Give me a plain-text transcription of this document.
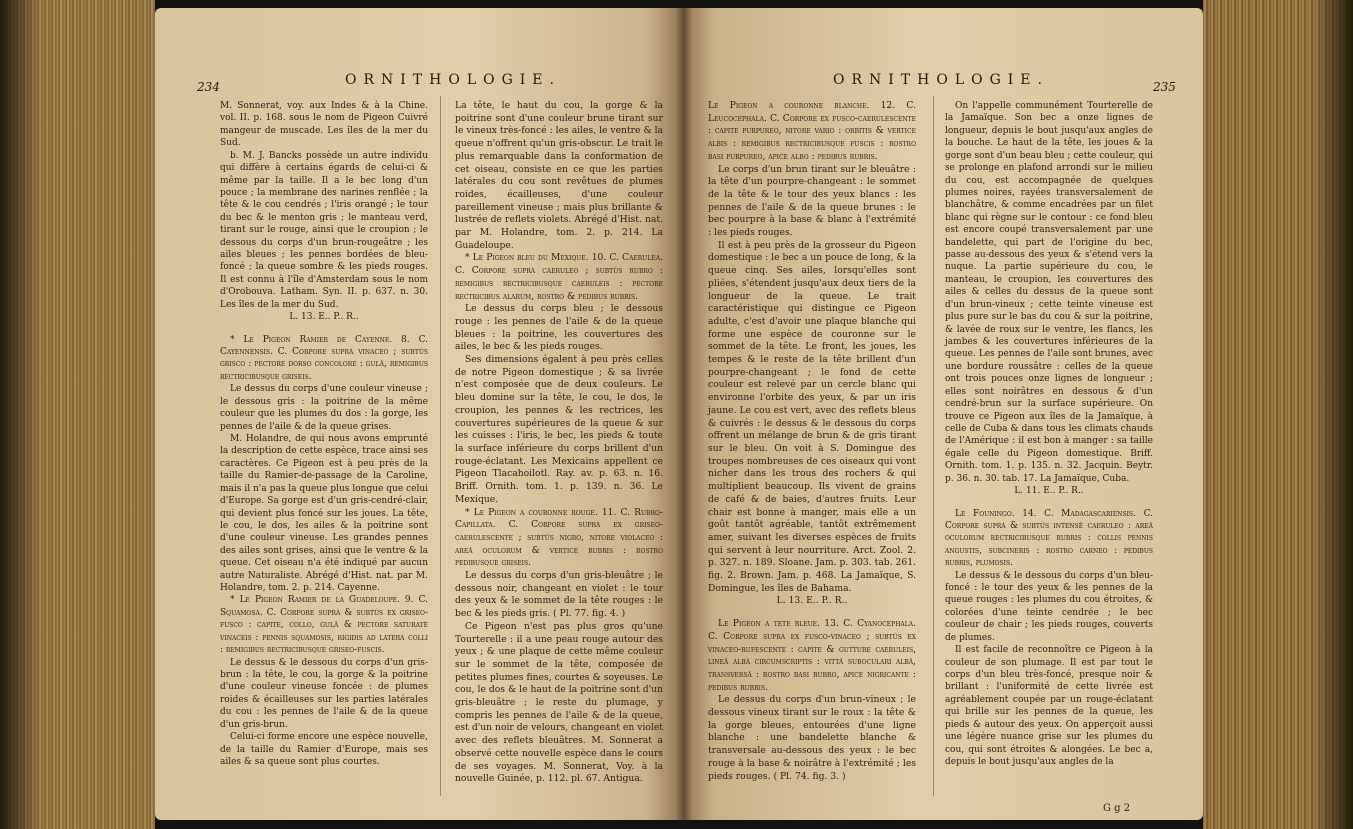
234	ORNITHOLOGIE.

M. Sonnerat, voy. aux Indes & à la Chine. vol. II. p. 168. sous le nom de Pigeon Cuivré mangeur de muscade. Les îles de la mer du Sud.

b. M. J. Bancks possède un autre individu qui diffère à certains égards de celui-ci & même par la taille. Il a le bec long d'un pouce ; la membrane des narines renflée ; la tête & le cou cendrés ; l'iris orangé ; le tour du bec & le menton gris ; le manteau verd, tirant sur le rouge, ainsi que le croupion ; le dessous du corps d'un brun-rougeâtre ; les ailes bleues ; les pennes bordées de bleu-foncé ; la queue sombre & les pieds rouges. Il est connu à l'île d'Amsterdam sous le nom d'Orobouva. Latham. Syn. II. p. 637. n. 30. Les îles de la mer du Sud.

L. 13. E.. P.. R..

* Le Pigeon Ramier de Cayenne. 8. C. Cayennensis. C. Corpore suprà vinaceo ; subtùs grisco : pectore dorso concolore : gulâ, remigibus rectricibusque griseis.

Le dessus du corps d'une couleur vineuse ; le dessous gris : la poitrine de la même couleur que les plumes du dos : la gorge, les pennes de l'aile & de la queue grises.

M. Holandre, de qui nous avons emprunté la description de cette espèce, trace ainsi ses caractères. Ce Pigeon est à peu près de la taille du Ramier-de-passage de la Caroline, mais il n'a pas la queue plus longue que celui d'Europe. Sa gorge est d'un gris-cendré-clair, qui devient plus foncé sur les joues. La tête, le cou, le dos, les ailes & la poitrine sont d'une couleur vineuse. Les grandes pennes des ailes sont grises, ainsi que le ventre & la queue. Cet oiseau n'a été indiqué par aucun autre Naturaliste. Abrégé d'Hist. nat. par M. Holandre, tom. 2. p. 214. Cayenne.

* Le Pigeon Ramier de la Guadeloupe. 9. C. Squamosa. C. Corpore suprà & subtùs ex griseo-fusco : capite, collo, gulâ & pectore saturatè vinaceis : pennis squamosis, rigidis ad latera colli : remigibus rectricibusque griseo-fuscis.

Le dessus & le dessous du corps d'un gris-brun : la tête, le cou, la gorge & la poitrine d'une couleur vineuse foncée : de plumes roides & écailleuses sur les parties latérales du cou : les pennes de l'aile & de la queue d'un gris-brun.

Celui-ci forme encore une espèce nouvelle, de la taille du Ramier d'Europe, mais ses ailes & sa queue sont plus courtes.

La tête, le haut du cou, la gorge & la poitrine sont d'une couleur brune tirant sur le vineux très-foncé : les ailes, le ventre & la queue n'offrent qu'un gris-obscur. Le trait le plus remarquable dans la conformation de cet oiseau, consiste en ce que les parties latérales du cou sont revêtues de plumes roides, écailleuses, d'une couleur pareillement vineuse ; mais plus brillante & lustrée de reflets violets. Abrégé d'Hist. nat. par M. Holandre, tom. 2. p. 214. La Guadeloupe.

* Le Pigeon bleu du Mexique. 10. C. Caerulea. C. Corpore suprà caeruleo ; subtùs rubro : remigibus rectricibusque caeruleis : pectore rectricibus alarum, rostro & pedibus rubris.

Le dessus du corps bleu ; le dessous rouge : les pennes de l'aile & de la queue bleues : la poitrine, les couvertures des ailes, le bec & les pieds rouges.

Ses dimensions égalent à peu près celles de notre Pigeon domestique ; & sa livrée n'est composée que de deux couleurs. Le bleu domine sur la tête, le cou, le dos, le croupion, les pennes & les rectrices, les couvertures supérieures de la queue & sur les cuisses : l'iris, le bec, les pieds & toute la surface inférieure du corps brillent d'un rouge-éclatant. Les Mexicains appellent ce Pigeon Tlacahoilotl. Ray. av. p. 63. n. 16. Briff. Ornith. tom. 1. p. 139. n. 36. Le Mexique.

* Le Pigeon a couronne rouge. 11. C. Rubro-Capillata. C. Corpore suprà ex griseo-caerulescente ; subtùs nigro, nitore violaceo : areâ oculorum & vertice rubris : rostro pedibusque griseis.

Le dessus du corps d'un gris-bleuâtre ; le dessous noir, changeant en violet : le tour des yeux & le sommet de la tête rouges : le bec & les pieds gris. ( Pl. 77. fig. 4. )

Ce Pigeon n'est pas plus gros qu'une Tourterelle : il a une peau rouge autour des yeux ; & une plaque de cette même couleur sur le sommet de la tête, composée de petites plumes fines, courtes & soyeuses. Le cou, le dos & le haut de la poitrine sont d'un gris-bleuâtre ; le reste du plumage, y compris les pennes de l'aile & de la queue, est d'un noir de velours, changeant en violet avec des reflets bleuâtres. M. Sonnerat a observé cette nouvelle espèce dans le cours de ses voyages. M. Sonnerat, Voy. à la nouvelle Guinée, p. 112. pl. 67. Antigua.

ORNITHOLOGIE.	235

Le Pigeon a couronne blanche. 12. C. Leucocephala. C. Corpore ex fusco-caerulescente : capite purpureo, nitore vario : orbitis & vertice albis : remigibus rectricibusque fuscis : rostro basi purpureo, apice albo : pedibus rubris.

Le corps d'un brun tirant sur le bleuâtre : la tête d'un pourpre-changeant : le sommet de la tête & le tour des yeux blancs : les pennes de l'aile & de la queue brunes : le bec pourpre à la base & blanc à l'extrémité : les pieds rouges.

Il est à peu près de la grosseur du Pigeon domestique : le bec a un pouce de long, & la queue cinq. Ses ailes, lorsqu'elles sont pliées, s'étendent jusqu'aux deux tiers de la longueur de la queue. Le trait caractéristique qui distingue ce Pigeon adulte, c'est d'avoir une plaque blanche qui forme une espèce de couronne sur le sommet de la tête. Le front, les joues, les tempes & le reste de la tête brillent d'un pourpre-changeant ; le fond de cette couleur est relevé par un cercle blanc qui environne l'orbite des yeux, & par un iris jaune. Le cou est vert, avec des reflets bleus & cuivrés : le dessus & le dessous du corps offrent un mélange de brun & de gris tirant sur le bleu. On voit à S. Domingue des troupes nombreuses de ces oiseaux qui vont nicher dans les trous des rochers & qui multiplient beaucoup. Ils vivent de grains de café & de baies, d'autres fruits. Leur chair est bonne à manger, mais elle a un goût tantôt agréable, tantôt extrêmement amer, suivant les diverses espèces de fruits qui servent à leur nourriture. Arct. Zool. 2. p. 327. n. 189. Sloane. Jam. p. 303. tab. 261. fig. 2. Brown. Jam. p. 468. La Jamaïque, S. Domingue, les îles de Bahama.

L. 13. E.. P.. R..

Le Pigeon a tete bleue. 13. C. Cyanocephala. C. Corpore suprà ex fusco-vinaceo ; subtùs ex vinaceo-rufescente : capite & gutture caeruleis, lineâ albâ circumscriptis : vittâ suboculari albâ, transversâ : rostro basi rubro, apice nigricante : pedibus rubris.

Le dessus du corps d'un brun-vineux ; le dessous vineux tirant sur le roux : la tête & la gorge bleues, entourées d'une ligne blanche : une bandelette blanche & transversale au-dessous des yeux : le bec rouge à la base & noirâtre à l'extrémité ; les pieds rouges. ( Pl. 74. fig. 3. )

On l'appelle communément Tourterelle de la Jamaïque. Son bec a onze lignes de longueur, depuis le bout jusqu'aux angles de la bouche. Le haut de la tête, les joues & la gorge sont d'un beau bleu ; cette couleur, qui se prolonge en plafond arrondi sur le milieu du cou, est accompagnée de quelques plumes noires, rayées transversalement de blanchâtre, & comme encadrées par un filet blanc qui règne sur le contour : ce fond bleu est encore coupé transversalement par une bandelette, qui part de l'origine du bec, passe au-dessous des yeux & s'étend vers la nuque. La partie supérieure du cou, le manteau, le croupion, les couvertures des ailes & celles du dessus de la queue sont d'un brun-vineux ; cette teinte vineuse est plus pure sur le bas du cou & sur la poitrine, & lavée de roux sur le ventre, les flancs, les jambes & les couvertures inférieures de la queue. Les pennes de l'aile sont brunes, avec une bordure roussâtre : celles de la queue ont trois pouces onze lignes de longueur ; elles sont noirâtres en dessous & d'un cendré-brun sur la surface supérieure. On trouve ce Pigeon aux îles de la Jamaïque, à celle de Cuba & dans tous les climats chauds de l'Amérique : il est bon à manger : sa taille égale celle du Pigeon domestique. Briff. Ornith. tom. 1. p. 135. n. 32. Jacquin. Beytr. p. 36. n. 30. tab. 17. La Jamaïque, Cuba.

L. 11. E.. P.. R..

Le Founingo. 14. C. Madagascariensis. C. Corpore suprà & subtùs intensè caeruleo : areâ oculorum rectricibusque rubris : collis pennis angustis, subcineris : rostro carneo : pedibus rubris, plumosis.

Le dessus & le dessous du corps d'un bleu-foncé : le tour des yeux & les pennes de la queue rouges : les plumes du cou étroites, & colorées d'une teinte cendrée ; le bec couleur de chair ; les pieds rouges, couverts de plumes.

Il est facile de reconnoître ce Pigeon à la couleur de son plumage. Il est par tout le corps d'un bleu très-foncé, presque noir & brillant : l'uniformité de cette livrée est agréablement coupée par un rouge-éclatant qui brille sur les pennes de la queue, les pieds & autour des yeux. On apperçoit aussi une légère nuance grise sur les plumes du cou, qui sont étroites & alongées. Le bec a, depuis le bout jusqu'aux angles de la

G g 2
